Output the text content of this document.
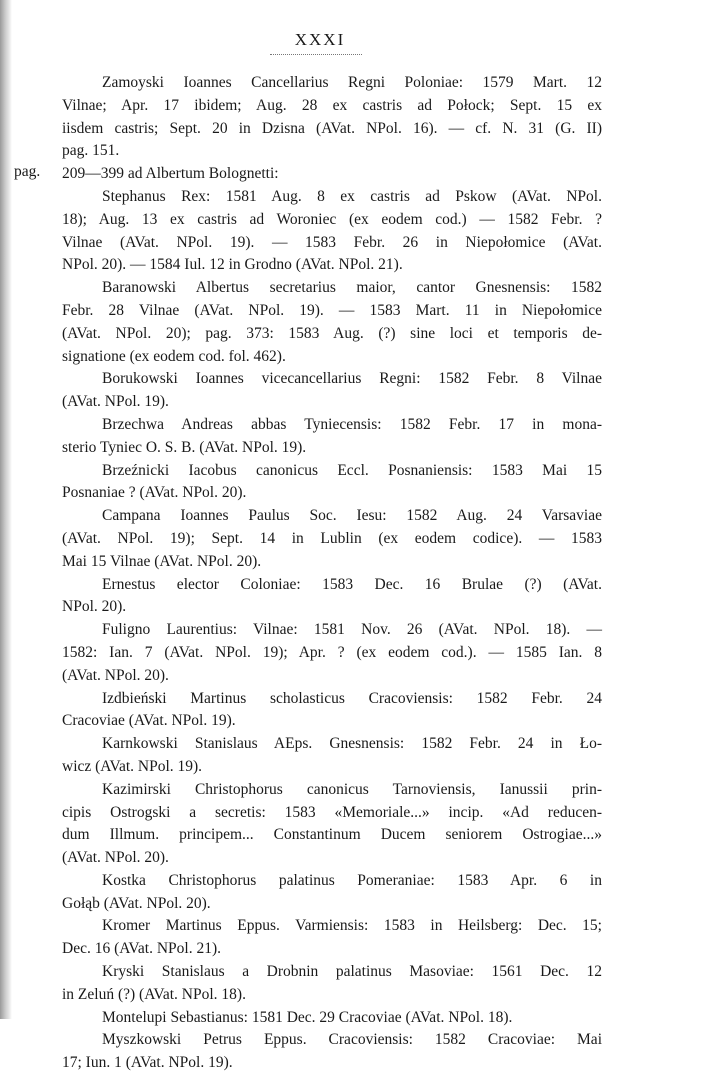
XXXI
pag.

Zamoyski Ioannes Cancellarius Regni Poloniae: 1579 Mart. 12
Vilnae; Apr. 17 ibidem; Aug. 28 ex castris ad Połock; Sept. 15 ex
iisdem castris; Sept. 20 in Dzisna (AVat. NPol. 16). — cf. N. 31 (G. II)
pag. 151.

209—399 ad Albertum Bolognetti:

Stephanus Rex: 1581 Aug. 8 ex castris ad Pskow (AVat. NPol.
18); Aug. 13 ex castris ad Woroniec (ex eodem cod.) — 1582 Febr. ?
Vilnae (AVat. NPol. 19). — 1583 Febr. 26 in Niepołomice (AVat.
NPol. 20). — 1584 Iul. 12 in Grodno (AVat. NPol. 21).

Baranowski Albertus secretarius maior, cantor Gnesnensis: 1582
Febr. 28 Vilnae (AVat. NPol. 19). — 1583 Mart. 11 in Niepołomice
(AVat. NPol. 20); pag. 373: 1583 Aug. (?) sine loci et temporis de-
signatione (ex eodem cod. fol. 462).

Borukowski Ioannes vicecancellarius Regni: 1582 Febr. 8 Vilnae
(AVat. NPol. 19).

Brzechwa Andreas abbas Tyniecensis: 1582 Febr. 17 in mona-
sterio Tyniec O. S. B. (AVat. NPol. 19).

Brzeźnicki Iacobus canonicus Eccl. Posnaniensis: 1583 Mai 15
Posnaniae ? (AVat. NPol. 20).

Campana Ioannes Paulus Soc. Iesu: 1582 Aug. 24 Varsaviae
(AVat. NPol. 19); Sept. 14 in Lublin (ex eodem codice). — 1583
Mai 15 Vilnae (AVat. NPol. 20).

Ernestus elector Coloniae: 1583 Dec. 16 Brulae (?) (AVat.
NPol. 20).

Fuligno Laurentius: Vilnae: 1581 Nov. 26 (AVat. NPol. 18). —
1582: Ian. 7 (AVat. NPol. 19); Apr. ? (ex eodem cod.). — 1585 Ian. 8
(AVat. NPol. 20).

Izdbieński Martinus scholasticus Cracoviensis: 1582 Febr. 24
Cracoviae (AVat. NPol. 19).

Karnkowski Stanislaus AEps. Gnesnensis: 1582 Febr. 24 in Ło-
wicz (AVat. NPol. 19).

Kazimirski Christophorus canonicus Tarnoviensis, Ianussii prin-
cipis Ostrogski a secretis: 1583 «Memoriale...» incip. «Ad reducen-
dum Illmum. principem... Constantinum Ducem seniorem Ostrogiae...»
(AVat. NPol. 20).

Kostka Christophorus palatinus Pomeraniae: 1583 Apr. 6 in
Gołąb (AVat. NPol. 20).

Kromer Martinus Eppus. Varmiensis: 1583 in Heilsberg: Dec. 15;
Dec. 16 (AVat. NPol. 21).

Kryski Stanislaus a Drobnin palatinus Masoviae: 1561 Dec. 12
in Zeluń (?) (AVat. NPol. 18).

Montelupi Sebastianus: 1581 Dec. 29 Cracoviae (AVat. NPol. 18).

Myszkowski Petrus Eppus. Cracoviensis: 1582 Cracoviae: Mai
17; Iun. 1 (AVat. NPol. 19).
